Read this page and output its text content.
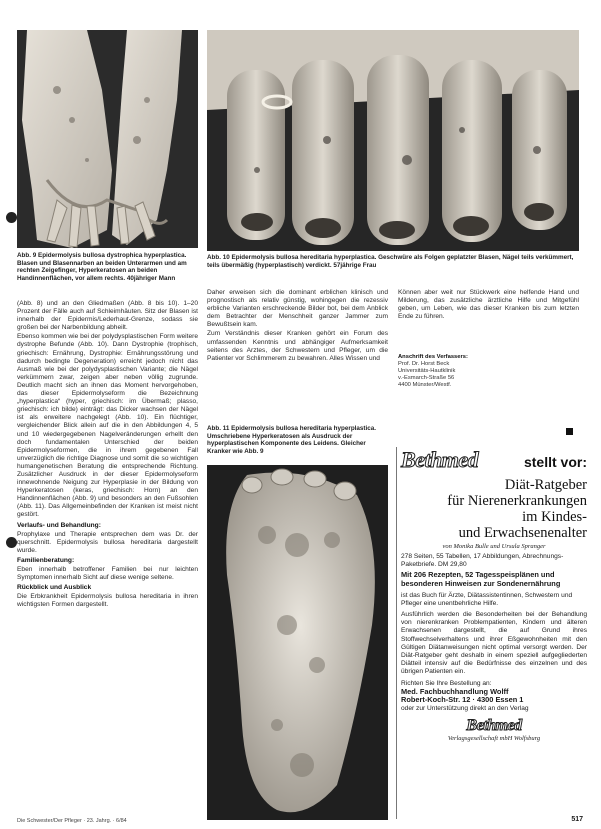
Abb. 9 Epidermolysis bullosa dystrophica hyperplastica. Blasen und Blasennarben an beiden Unterarmen und am rechten Zeigefinger, Hyperkeratosen an beiden Handinnenflächen, vor allem rechts. 40jähriger Mann
Abb. 10 Epidermolysis bullosa hereditaria hyperplastica. Geschwüre als Folgen geplatzter Blasen, Nägel teils verkümmert, teils übermäßig (hyperplastisch) verdickt. 57jährige Frau
Abb. 11 Epidermolysis bullosa hereditaria hyperplastica. Umschriebene Hyperkeratosen als Ausdruck der hyperplastischen Komponente des Leidens. Gleicher Kranker wie Abb. 9

(Abb. 8) und an den Gliedmaßen (Abb. 8 bis 10). 1–20 Prozent der Fälle auch auf Schleimhäuten. Sitz der Blasen ist innerhalb der Epidermis/Lederhaut-Grenze, sodass sie großen bei der Narbenbildung abheilt.

Ebenso kommen wie bei der polydysplastischen Form weitere dystrophe Befunde (Abb. 10). Dann Dystrophie (trophisch, griechisch: Ernährung, Dystrophie: Ernährungsstörung und dadurch bedingte Degeneration) erreicht jedoch nicht das Ausmaß wie bei der polydysplastischen Variante; die Nägel verkümmern zwar, zeigen aber neben völlig zugrunde. Deutlich macht sich an ihnen das Moment hervorgehoben, das dieser Epidermolyseform die Bezeichnung „hyperplastica“ (hyper, griechisch: im Übermaß; plasso, griechisch: ich bilde) einträgt: das Dicker wachsen der Nägel ist als erweitere nachgelegt (Abb. 10). Ein flüchtiger, vergleichender Blick allein auf die in den Abbildungen 4, 5 und 10 wiedergegebenen Nagelveränderungen erhellt den doch fundamentalen Unterschied der beiden Epidermolyseformen, die in ihrem gegebenen Fall unverzüglich die richtige Diagnose und somit die so wichtigen humangenetischen Beratung die entsprechende Richtung. Zusätzlicher Ausdruck in der dieser Epidermolyseform innewohnende Neigung zur Hyperplasie in der Bildung von Hyperkeratosen (keras, griechisch: Horn) an den Handinnenflächen (Abb. 9) und besonders an den Fußsohlen (Abb. 11). Das Allgemeinbefinden der Kranken ist meist nicht gestört.

Verlaufs- und Behandlung:

Prophylaxe und Therapie entsprechen dem was Dr. der querschnitt. Epidermolysis bullosa hereditaria dargestellt wurde.

Familienberatung:

Eben innerhalb betroffener Familien bei nur leichten Symptomen innerhalb Sicht auf diese wenige seltene.

Rückblick und Ausblick

Die Erbkrankheit Epidermolysis bullosa hereditaria in ihren wichtigsten Formen dargestellt.

Daher erweisen sich die dominant erblichen klinisch und prognostisch als relativ günstig, wohingegen die rezessiv erbliche Varianten erschreckende Bilder bot, bei dem Anblick dem Betrachter der Menschheit ganzer Jammer zum Bewußtsein kam.

Zum Verständnis dieser Kranken gehört ein Forum des umfassenden Kenntnis und abhängiger Aufmerksamkeit seitens des Arztes, der Schwestern und Pfleger, um die Patienter vor Schlimmerem zu bewahren. Alles Wissen und

Können aber weit nur Stückwerk eine helfende Hand und Milderung, das zusätzliche ärztliche Hilfe und Mitgefühl geben, um Leben, wie das dieser Kranken bis zum letzten Ende zu führen.

Anschrift des Verfassers:
Prof. Dr. Horst Beck
Universitäts-Hautklinik
v.-Esmarch-Straße 56
4400 Münster/Westf.
Bethmed	stellt vor:
Diät-Ratgeber
für Nierenerkrankungen
im Kindes-
und Erwachsenenalter
von Monika Bulle und Ursula Spranger
278 Seiten, 55 Tabellen, 17 Abbildungen, Abrechnungs-Paketbriefe. DM 29,80
Mit 206 Rezepten, 52 Tagesspeisplänen und besonderen Hinweisen zur Sondenernährung
ist das Buch für Ärzte, Diätassistentinnen, Schwestern und Pfleger eine unentbehrliche Hilfe.
Ausführlich werden die Besonderheiten bei der Behandlung von nierenkranken Problempatienten, Kindern und älteren Erwachsenen dargestellt, die auf Grund ihres Stoffwechselverhaltens und ihrer Eßgewohnheiten mit den Gültigen Diätanweisungen nicht optimal versorgt werden. Der Diät-Ratgeber geht deshalb in einem speziell aufgegliederten Diätteil intensiv auf die Bedürfnisse des einzelnen und des übrigen Patienten ein.
Richten Sie Ihre Bestellung an:
Med. Fachbuchhandlung Wolff
Robert-Koch-Str. 12 · 4300 Essen 1
oder zur Unterstützung direkt an den Verlag
Bethmed
Verlagsgesellschaft mbH Wolfsburg
Die Schwester/Der Pfleger · 23. Jahrg. · 6/84	517
